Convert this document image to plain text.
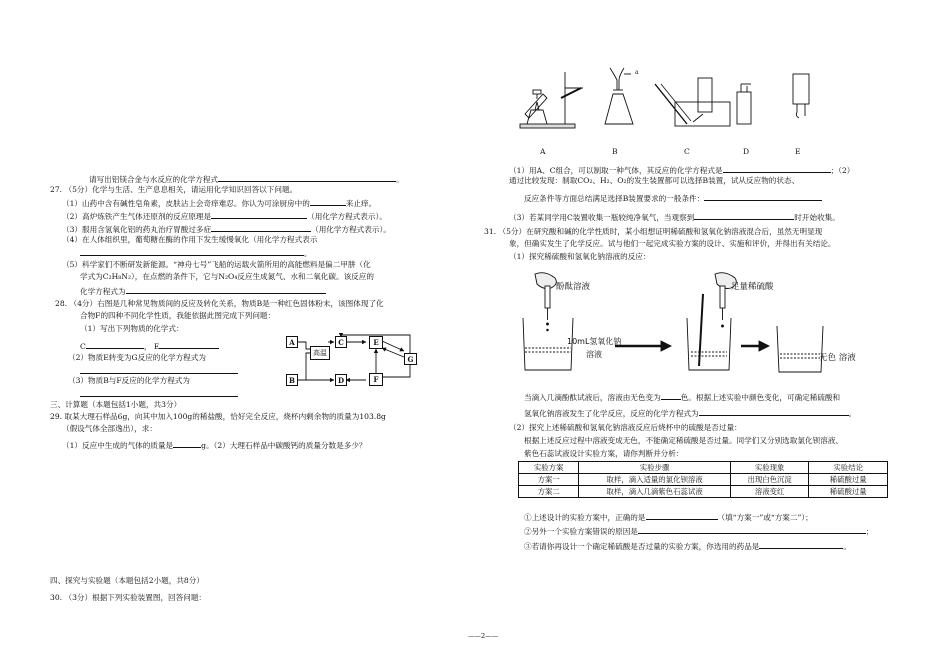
请写出铝镁合金与水反应的化学方程式	。
27. （5分）化学与生活、生产息息相关，请运用化学知识回答以下问题。
（1）山药中含有碱性皂角素，皮肤沾上会奇痒难忍。你认为可涂厨房中的	来止痒。
（2）高炉炼铁产生气体还原剂的反应原理是	（用化学方程式表示）。
（3）服用含氢氧化铝的药丸治疗胃酸过多症	（用化学方程式表示）。
（4）在人体组织里，葡萄糖在酶的作用下发生缓慢氧化（用化学方程式表示
。
（5）科学家们不断研发新能源。“神舟七号”飞船的运载火箭所用的高能燃料是偏二甲肼（化
学式为C₂H₈N₂），在点燃的条件下，它与N₂O₄反应生成氮气、水和二氧化碳。该反应的
化学方程式为
28. （4分）右图是几种常见物质间的反应及转化关系，物质B是一种红色固体粉末，该图体现了化
合物F的四种不同化学性质，我能依据此图完成下列问题：
（1）写出下列物质的化学式：
C	， E
（2）物质E转变为G反应的化学方程式为
（3）物质B与F反应的化学方程式为
A
B
高温
C
D
E
F
G
三、计算题（本题包括1小题，共3分）
29. 取某大理石样品6g，向其中加入100g的稀盐酸，恰好完全反应，烧杯内剩余物的质量为103.8g
（假设气体全部逸出），求：
（1）反应中生成的气体的质量是	g。（2）大理石样品中碳酸钙的质量分数是多少？
四、探究与实验题（本题包括2小题，共8分）
30. （3分）根据下列实验装置图，回答问题：
——2——
a
A	B	C	D	E
（1）用A、C组合，可以制取一种气体，其反应的化学方程式是	；（2）
通过比较发现：制取CO₂、H₂、O₂的发生装置都可以选择B装置，试从反应物的状态、
反应条件等方面总结满足选择B装置要求的一般条件：
（3）若某同学用C装置收集一瓶较纯净氧气，当观察到	时开始收集。
31. （5分）在研究酸和碱的化学性质时，某小组想证明稀硫酸和氢氧化钠溶液混合后，虽然无明显现
象，但确实发生了化学反应。试与他们一起完成实验方案的设计、实施和评价，并得出有关结论。
（1）探究稀硫酸和氢氧化钠溶液的反应：
酚酞溶液
10mL氢氧化钠
溶液
足量稀硫酸
无色 溶液
当滴入几滴酚酞试液后，溶液由无色变为	色。根据上述实验中颜色变化，可确定稀硫酸和
氢氧化钠溶液发生了化学反应，反应的化学方程式为	。
（2）探究上述稀硫酸和氢氧化钠溶液反应后烧杯中的硫酸是否过量：
根据上述反应过程中溶液变成无色，不能确定稀硫酸是否过量。同学们又分别选取氯化钡溶液、
紫色石蕊试液设计实验方案，请你判断并分析：
实验方案	实验步骤	实验现象	实验结论
方案一	取样，滴入适量的氯化钡溶液	出现白色沉淀	稀硫酸过量
方案二	取样，滴入几滴紫色石蕊试液	溶液变红	稀硫酸过量
①上述设计的实验方案中，正确的是	（填“方案一”或“方案二”）；
②另外一个实验方案错误的原因是	；
③若请你再设计一个确定稀硫酸是否过量的实验方案，你选用的药品是	。
